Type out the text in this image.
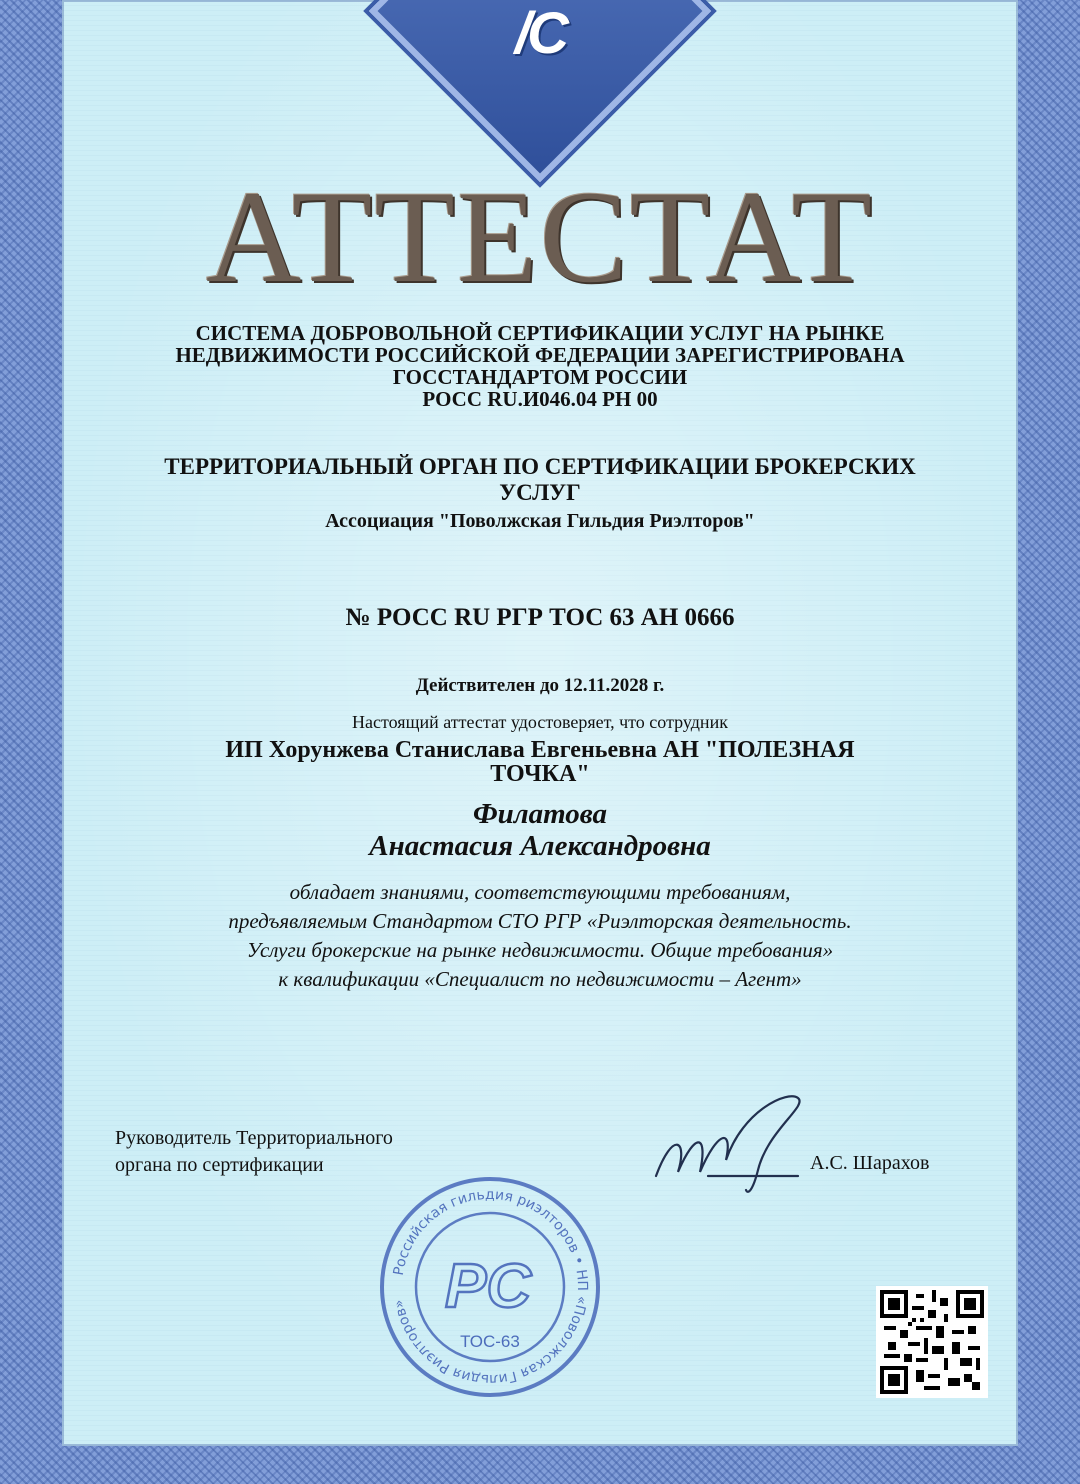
/C
АТТЕСТАТ
СИСТЕМА ДОБРОВОЛЬНОЙ СЕРТИФИКАЦИИ УСЛУГ НА РЫНКЕ
НЕДВИЖИМОСТИ РОССИЙСКОЙ ФЕДЕРАЦИИ ЗАРЕГИСТРИРОВАНА
ГОССТАНДАРТОМ РОССИИ
РОСС RU.И046.04 РН 00
ТЕРРИТОРИАЛЬНЫЙ ОРГАН ПО СЕРТИФИКАЦИИ БРОКЕРСКИХ УСЛУГ
Ассоциация "Поволжская Гильдия Риэлторов"
№ РОСС RU РГР ТОС 63 АН 0666
Действителен до 12.11.2028 г.
Настоящий аттестат удостоверяет, что сотрудник
ИП Хорунжева Станислава Евгеньевна АН "ПОЛЕЗНАЯ ТОЧКА"
Филатова
Анастасия Александровна
обладает знаниями, соответствующими требованиям,
предъявляемым Стандартом СТО РГР «Риэлторская деятельность.
Услуги брокерские на рынке недвижимости. Общие требования»
к квалификации «Специалист по недвижимости – Агент»
Руководитель Территориального
органа по сертификации	А.С. Шарахов
Российская гильдия риэлторов • НП «Поволжская Гильдия Риэлторов» РС
ТОС-63
